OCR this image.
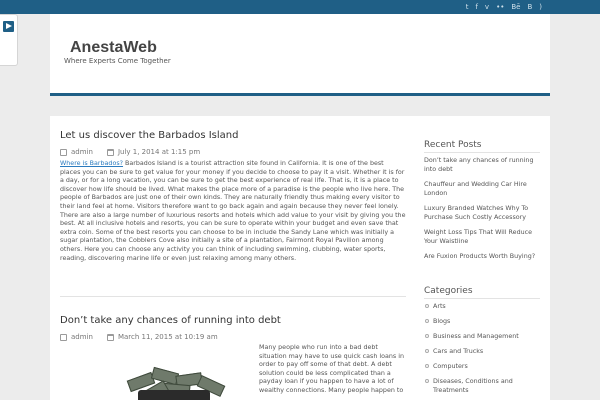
t f v •• Bē B )
AnestaWeb
Where Experts Come Together
Let us discover the Barbados Island
admin	July 1, 2014 at 1:15 pm
Where is Barbados? Barbados Island is a tourist attraction site found in California. It is one of the best places you can be sure to get value for your money if you decide to choose to pay it a visit. Whether it is for a day, or for a long vacation, you can be sure to get the best experience of real life. That is, it is a place to discover how life should be lived. What makes the place more of a paradise is the people who live here. The people of Barbados are just one of their own kinds. They are naturally friendly thus making every visitor to their land feel at home. Visitors therefore want to go back again and again because they never feel lonely. There are also a large number of luxurious resorts and hotels which add value to your visit by giving you the best. At all inclusive hotels and resorts, you can be sure to operate within your budget and even save that extra coin. Some of the best resorts you can choose to be in include the Sandy Lane which was initially a sugar plantation, the Cobblers Cove also initially a site of a plantation, Fairmont Royal Pavilion among others. Here you can choose any activity you can think of including swimming, clubbing, water sports, reading, discovering marine life or even just relaxing among many others.
Don’t take any chances of running into debt
admin	March 11, 2015 at 10:19 am
Many people who run into a bad debt situation may have to use quick cash loans in order to pay off some of that debt. A debt solution could be less complicated than a payday loan if you happen to have a lot of wealthy connections. Many people happen to
Recent Posts
Don’t take any chances of running into debt
Chauffeur and Wedding Car Hire London
Luxury Branded Watches Why To Purchase Such Costly Accessory
Weight Loss Tips That Will Reduce Your Waistline
Are Fuxion Products Worth Buying?
Categories
Arts
Blogs
Business and Management
Cars and Trucks
Computers
Diseases, Conditions and Treatments
